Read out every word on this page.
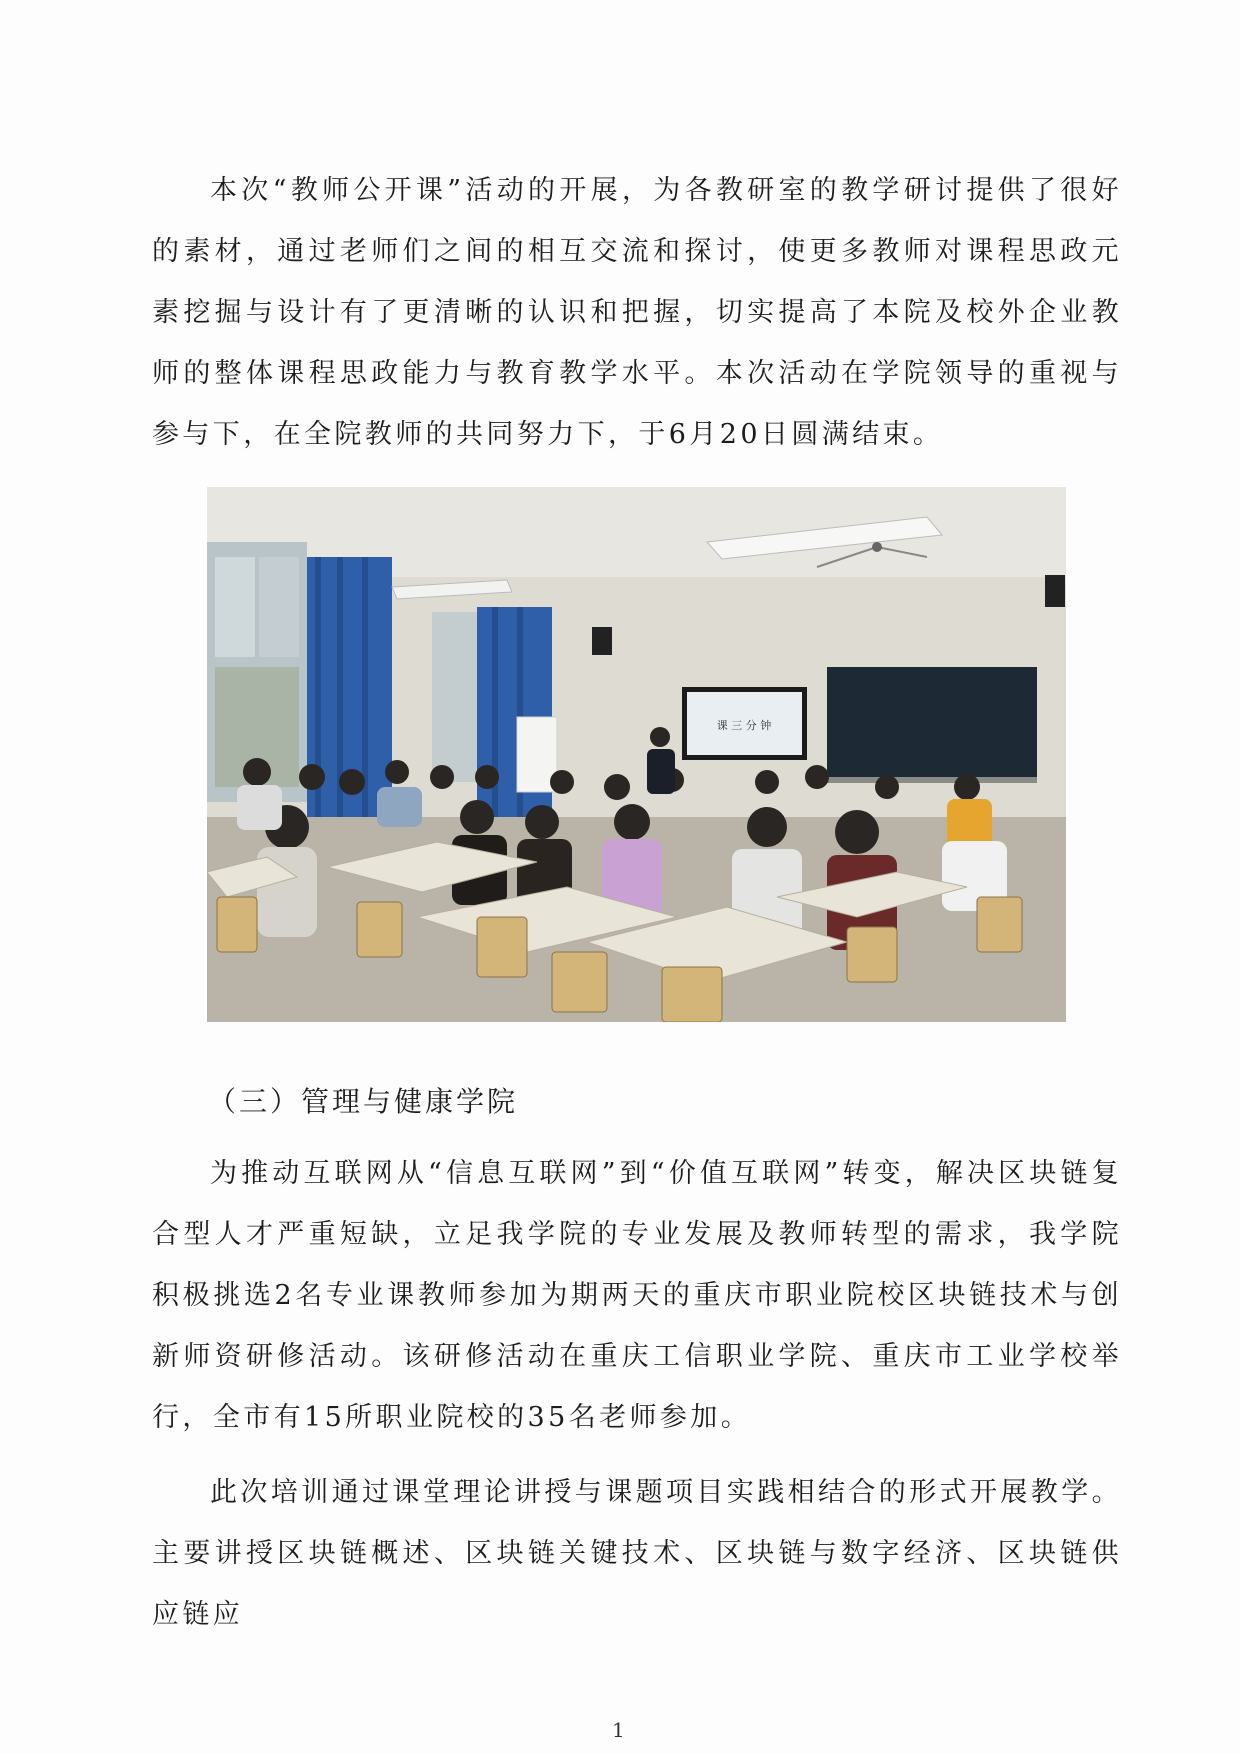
本次“教师公开课”活动的开展，为各教研室的教学研讨提供了很好的素材，通过老师们之间的相互交流和探讨，使更多教师对课程思政元素挖掘与设计有了更清晰的认识和把握，切实提高了本院及校外企业教师的整体课程思政能力与教育教学水平。本次活动在学院领导的重视与参与下，在全院教师的共同努力下，于6月20日圆满结束。

课 三 分 钟
（三）管理与健康学院

为推动互联网从“信息互联网”到“价值互联网”转变，解决区块链复合型人才严重短缺，立足我学院的专业发展及教师转型的需求，我学院积极挑选2名专业课教师参加为期两天的重庆市职业院校区块链技术与创新师资研修活动。该研修活动在重庆工信职业学院、重庆市工业学校举行，全市有15所职业院校的35名老师参加。

此次培训通过课堂理论讲授与课题项目实践相结合的形式开展教学。主要讲授区块链概述、区块链关键技术、区块链与数字经济、区块链供应链应

1
